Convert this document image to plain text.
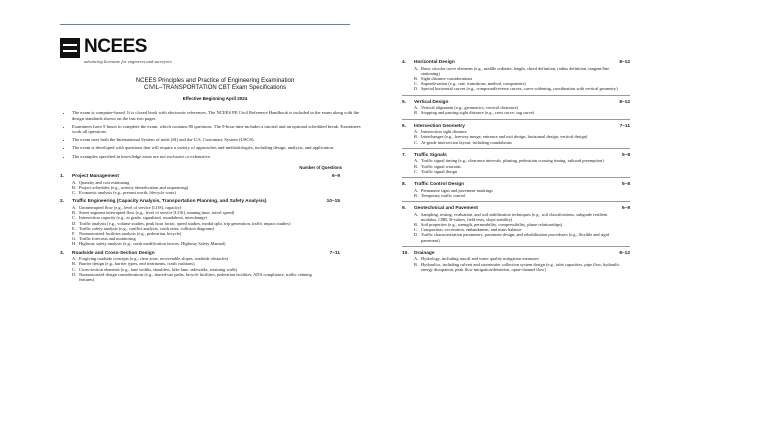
NCEES
advancing licensure for engineers and surveyors
NCEES Principles and Practice of Engineering Examination
CIVIL–TRANSPORTATION CBT Exam Specifications
Effective Beginning April 2024
• The exam is computer-based. It is closed book with electronic references. The NCEES PE Civil Reference Handbook is included in the exam along with the design standards shown on the last two pages.
• Examinees have 9 hours to complete the exam, which contains 80 questions. The 9-hour time includes a tutorial and an optional scheduled break. Examinees work all questions.
• The exam uses both the International System of units (SI) and the U.S. Customary System (USCS).
• The exam is developed with questions that will require a variety of approaches and methodologies, including design, analysis, and application.
• The examples specified in knowledge areas are not exclusive or exhaustive.
Number of Questions
1.	Project Management	6–9
A. Quantity and cost estimating
B. Project schedules (e.g., activity identification and sequencing)
C. Economic analysis (e.g., present worth, lifecycle costs)
2.	Traffic Engineering (Capacity Analysis, Transportation Planning, and Safety Analysis)	10–15
A. Uninterrupted flow (e.g., level of service [LOS], capacity)
B. Street segment interrupted flow (e.g., level of service [LOS], running time, travel speed)
C. Intersection capacity (e.g., at grade, signalized, roundabout, interchange)
D. Traffic analysis (e.g., volume studies, peak hour factor, speed studies, modal split, trip generation, traffic impact studies)
E. Traffic safety analysis (e.g., conflict analysis, crash rates, collision diagrams)
F. Nonmotorized facilities analysis (e.g., pedestrian, bicycle)
G. Traffic forecasts and monitoring
H. Highway safety analysis (e.g., crash modification factors, Highway Safety Manual)
3.	Roadside and Cross-Section Design	7–11
A. Forgiving roadside concepts (e.g., clear zone, recoverable slopes, roadside obstacles)
B. Barrier design (e.g., barrier types, end treatments, crash cushions)
C. Cross-section elements (e.g., lane widths, shoulders, bike lane, sidewalks, retaining walls)
D. Nonmotorized design considerations (e.g., shared-use paths, bicycle facilities, pedestrian facilities, ADA compliance, traffic calming features)
4.	Horizontal Design	8–12
A. Basic circular curve elements (e.g., middle ordinate, length, chord definition, radius definition, tangent/line stationing)
B. Sight distance considerations
C. Superelevation (e.g., rate, transitions, method, components)
D. Special horizontal curves (e.g., compound/reverse curves, curve widening, coordination with vertical geometry)
5.	Vertical Design	8–12
A. Vertical alignment (e.g., geometrics, vertical clearance)
B. Stopping and passing sight distance (e.g., crest curve, sag curve)
6.	Intersection Geometry	7–11
A. Intersection sight distance
B. Interchanges (e.g., freeway merge, entrance and exit design, horizontal design, vertical design)
C. At-grade intersection layout, including roundabouts
7.	Traffic Signals	5–8
A. Traffic signal timing (e.g., clearance intervals, phasing, pedestrian crossing timing, railroad preemption)
B. Traffic signal warrants
C. Traffic signal design
8.	Traffic Control Design	5–8
A. Permanent signs and pavement markings
B. Temporary traffic control
9.	Geotechnical and Pavement	6–9
A. Sampling, testing, evaluation, and soil stabilization techniques (e.g., soil classifications, subgrade resilient modulus, CBR, R-values, field tests, slope stability)
B. Soil properties (e.g., strength, permeability, compressibility, phase relationships)
C. Compaction, excavation, embankment, and mass balance
D. Traffic characterization parameters, pavement design, and rehabilitation procedures (e.g., flexible and rigid pavement)
10.	Drainage	8–12
A. Hydrology, including runoff and water quality mitigation measures
B. Hydraulics, including culvert and stormwater collection system design (e.g., inlet capacities, pipe flow, hydraulic energy dissipation, peak flow mitigation/detention, open-channel flow)
